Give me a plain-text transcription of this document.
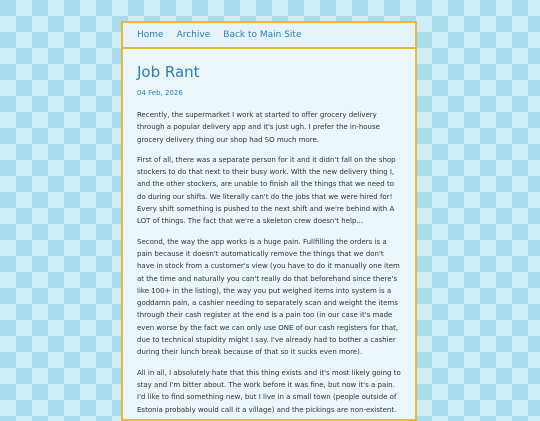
Home Archive Back to Main Site
Job Rant
04 Feb, 2026

Recently, the supermarket I work at started to offer grocery delivery through a popular delivery app and it's just ugh. I prefer the in-house grocery delivery thing our shop had SO much more.

First of all, there was a separate person for it and it didn't fall on the shop stockers to do that next to their busy work. With the new delivery thing I, and the other stockers, are unable to finish all the things that we need to do during our shifts. We literally can't do the jobs that we were hired for! Every shift something is pushed to the next shift and we're behind with A LOT of things. The fact that we're a skeleton crew doesn't help...

Second, the way the app works is a huge pain. Fullfilling the orders is a pain because it doesn't automatically remove the things that we don't have in stock from a customer's view (you have to do it manually one item at the time and naturally you can't really do that beforehand since there's like 100+ in the listing), the way you put weighed items into system is a goddamn pain, a cashier needing to separately scan and weight the items through their cash register at the end is a pain too (in our case it's made even worse by the fact we can only use ONE of our cash registers for that, due to technical stupidity might I say. I've already had to bother a cashier during their lunch break because of that so it sucks even more).

All in all, I absolutely hate that this thing exists and it's most likely going to stay and I'm bitter about. The work before it was fine, but now it's a pain. I'd like to find something new, but I live in a small town (people outside of Estonia probably would call it a village) and the pickings are non-existent.
